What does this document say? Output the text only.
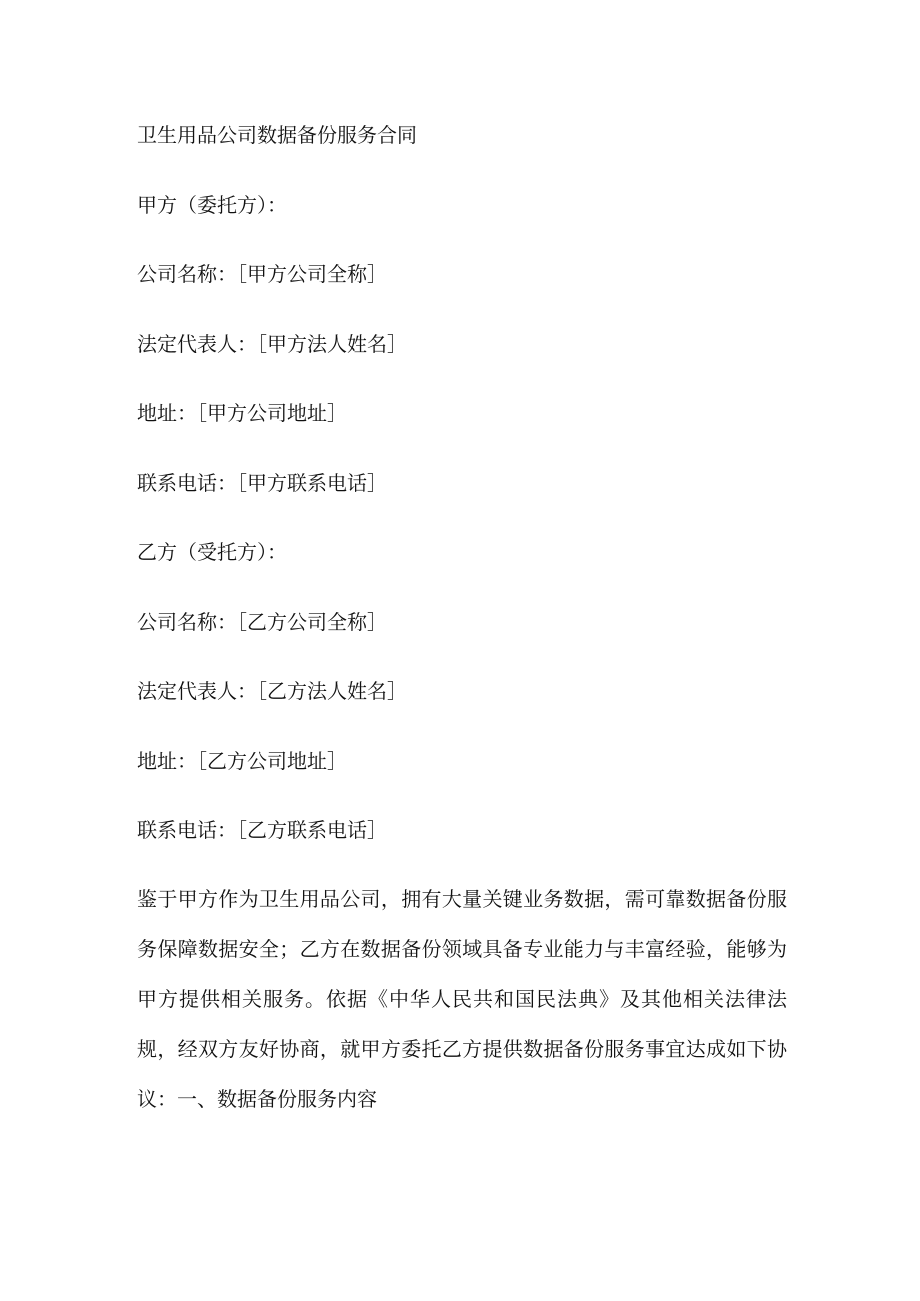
卫生用品公司数据备份服务合同
甲方（委托方）：
公司名称：［甲方公司全称］
法定代表人：［甲方法人姓名］
地址：［甲方公司地址］
联系电话：［甲方联系电话］
乙方（受托方）：
公司名称：［乙方公司全称］
法定代表人：［乙方法人姓名］
地址：［乙方公司地址］
联系电话：［乙方联系电话］
鉴于甲方作为卫生用品公司，拥有大量关键业务数据，需可靠数据备份服务保障数据安全；乙方在数据备份领域具备专业能力与丰富经验，能够为甲方提供相关服务。依据《中华人民共和国民法典》及其他相关法律法规，经双方友好协商，就甲方委托乙方提供数据备份服务事宜达成如下协议：一、数据备份服务内容
